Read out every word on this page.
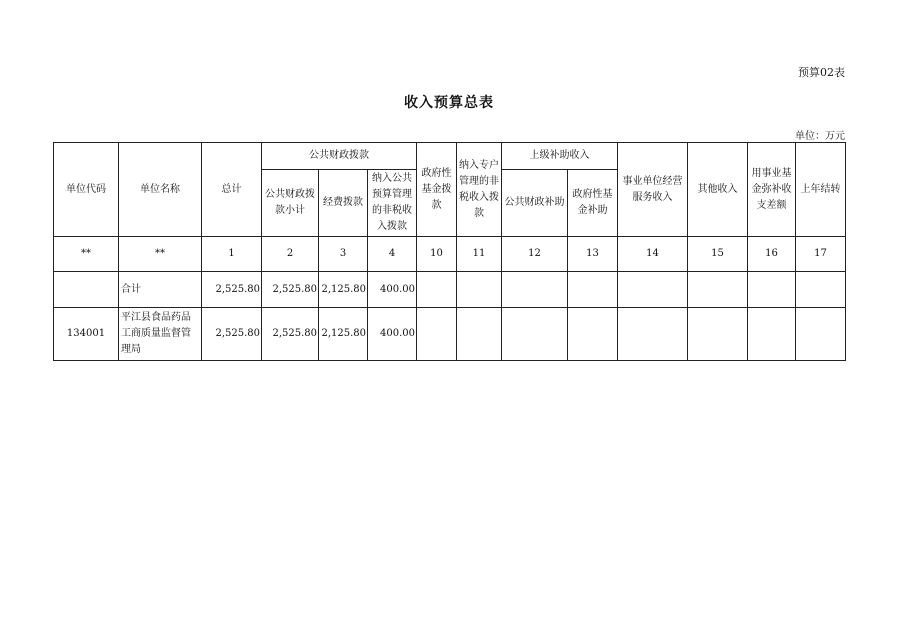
预算02表
收入预算总表
单位：万元
单位代码	单位名称	总计	公共财政拨款			政府性基金拨款	纳入专户管理的非税收入拨款	上级补助收入		事业单位经营服务收入	其他收入	用事业基金弥补收支差额	上年结转
			公共财政拨款小计	经费拨款	纳入公共预算管理的非税收入拨款								
								公共财政补助	政府性基金补助				
**	**	1	2	3	4	10	11	12	13	14	15	16	17
	合计	2,525.80	2,525.80	2,125.80	400.00								
134001	平江县食品药品工商质量监督管理局	2,525.80	2,525.80	2,125.80	400.00								
